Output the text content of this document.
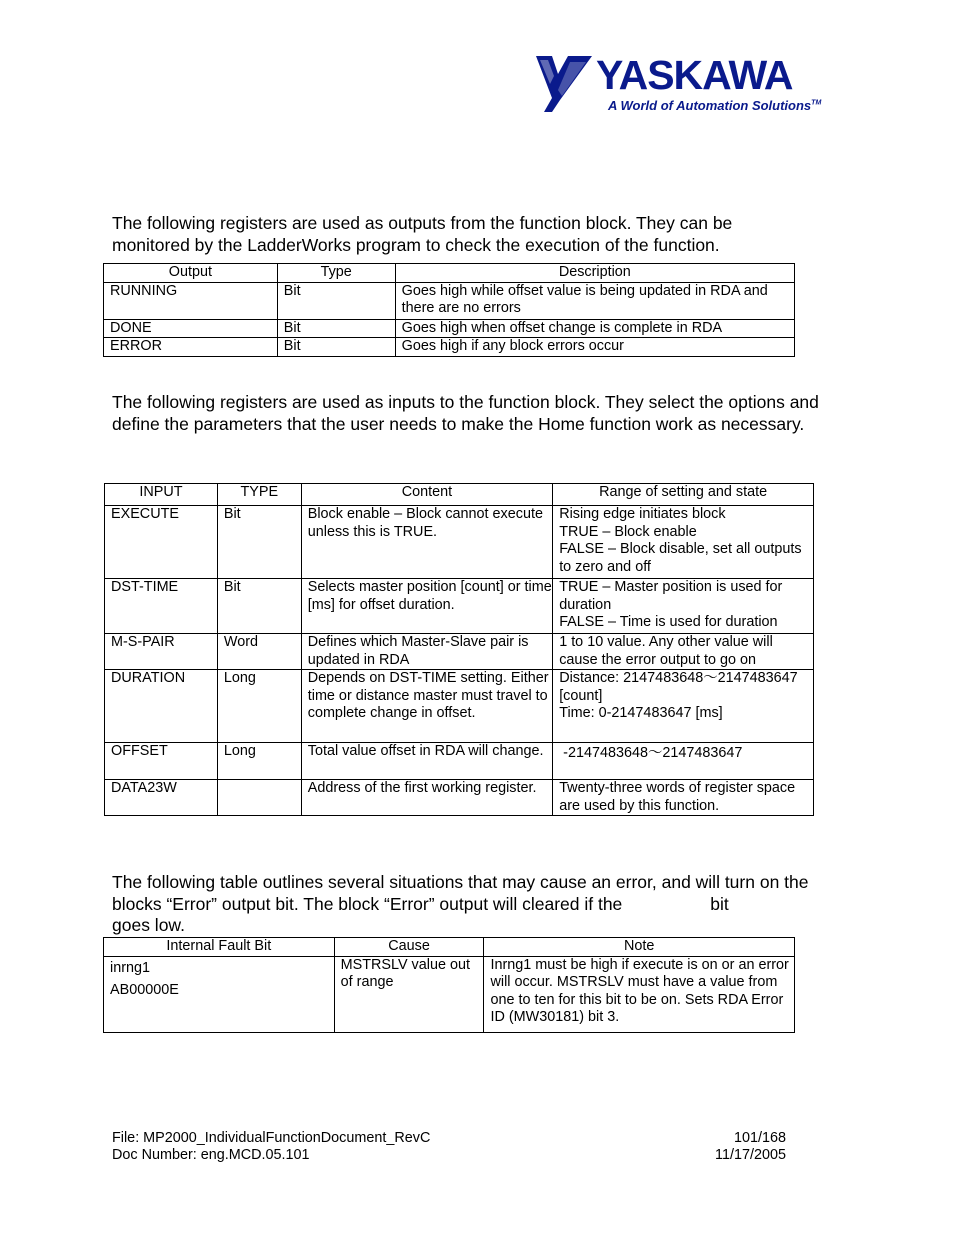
YASKAWA
A World of Automation Solutions™

The following registers are used as outputs from the function block. They can be monitored by the LadderWorks program to check the execution of the function.

Output	Type	Description
RUNNING	Bit	Goes high while offset value is being updated in RDA and there are no errors
DONE	Bit	Goes high when offset change is complete in RDA
ERROR	Bit	Goes high if any block errors occur

The following registers are used as inputs to the function block. They select the options and define the parameters that the user needs to make the Home function work as necessary.

INPUT	TYPE	Content	Range of setting and state
EXECUTE	Bit	Block enable – Block cannot execute unless this is TRUE.	Rising edge initiates block
TRUE – Block enable
FALSE – Block disable, set all outputs to zero and off
DST-TIME	Bit	Selects master position [count] or time [ms] for offset duration.	TRUE – Master position is used for duration
FALSE – Time is used for duration
M-S-PAIR	Word	Defines which Master-Slave pair is updated in RDA	1 to 10 value. Any other value will cause the error output to go on
DURATION	Long	Depends on DST-TIME setting. Either time or distance master must travel to complete change in offset.	Distance: 2147483648～2147483647 [count]
Time: 0-2147483647 [ms]
OFFSET	Long	Total value offset in RDA will change.	-2147483648～2147483647
DATA23W		Address of the first working register.	Twenty-three words of register space are used by this function.
The following table outlines several situations that may cause an error, and will turn on the blocks “Error” output bit. The block “Error” output will cleared if the	bit
goes low.
Internal Fault Bit	Cause	Note
inrng1
AB00000E	MSTRSLV value out of range	Inrng1 must be high if execute is on or an error will occur. MSTRSLV must have a value from one to ten for this bit to be on. Sets RDA Error ID (MW30181) bit 3.
File: MP2000_IndividualFunctionDocument_RevC
Doc Number: eng.MCD.05.101
101/168
11/17/2005
